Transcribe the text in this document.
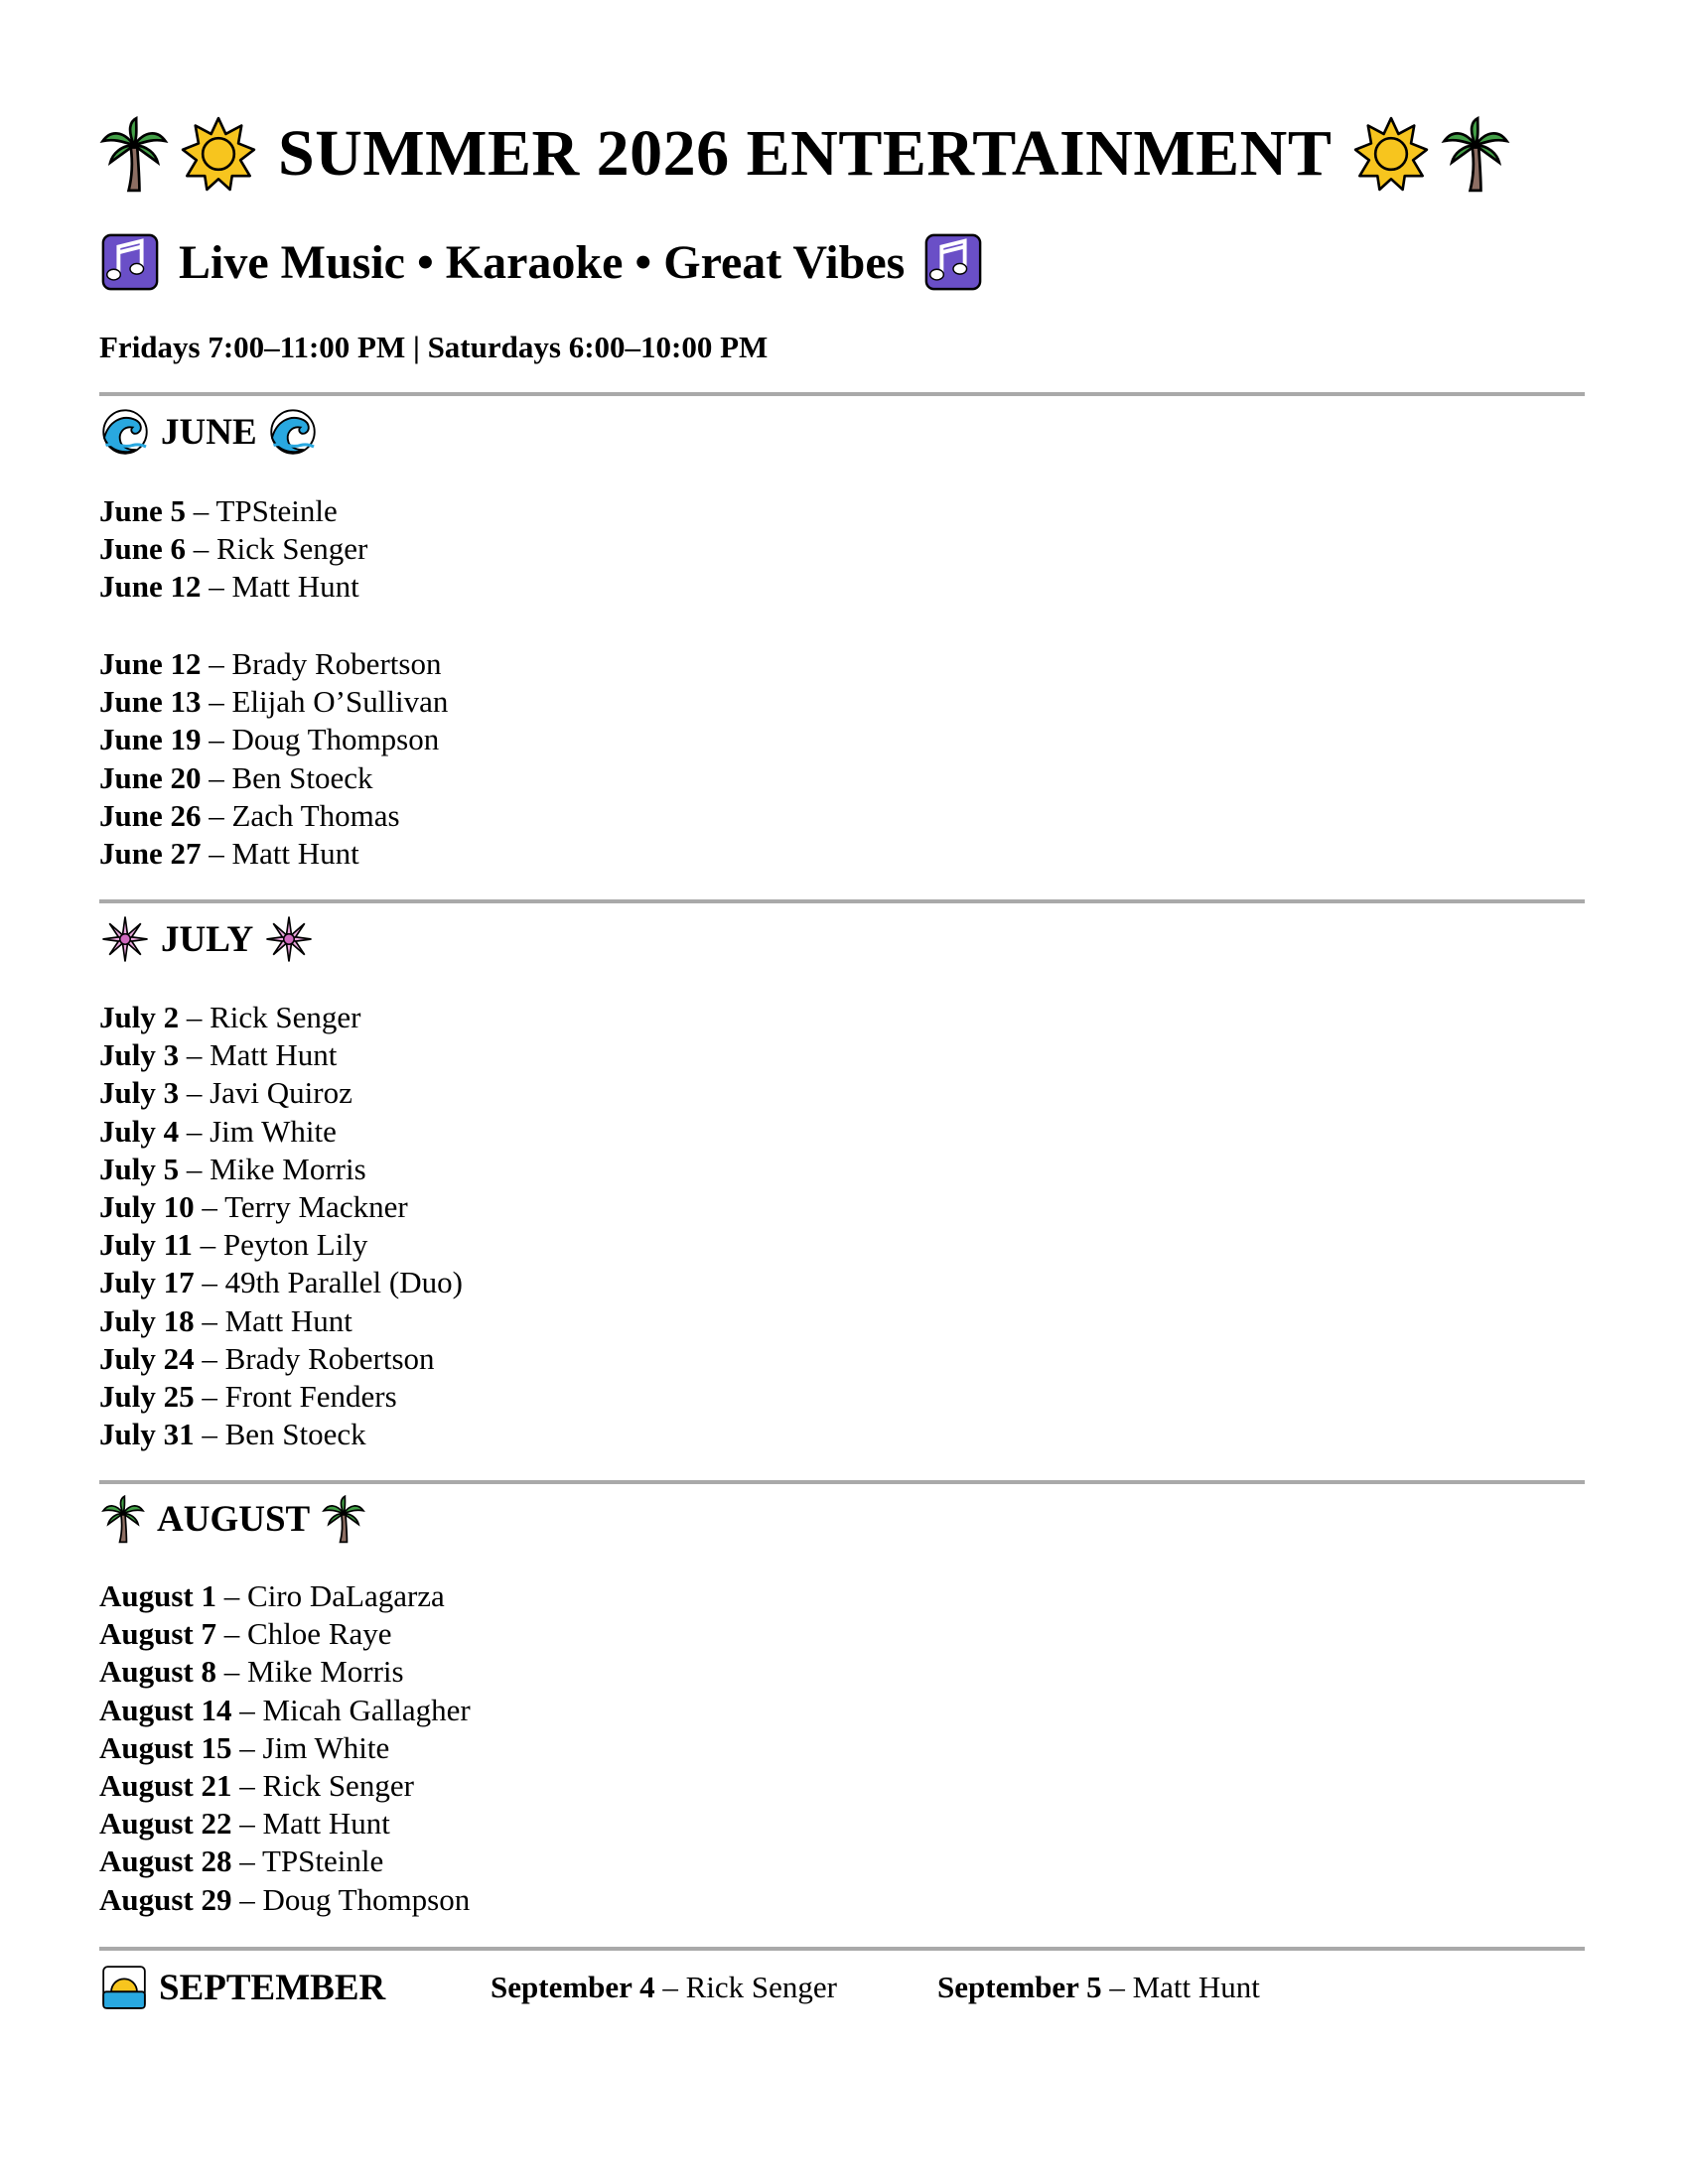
SUMMER 2026 ENTERTAINMENT
Live Music • Karaoke • Great Vibes
Fridays 7:00–11:00 PM | Saturdays 6:00–10:00 PM
JUNE
June 5 – TPSteinle
June 6 – Rick Senger
June 12 – Matt Hunt
June 12 – Brady Robertson
June 13 – Elijah O’Sullivan
June 19 – Doug Thompson
June 20 – Ben Stoeck
June 26 – Zach Thomas
June 27 – Matt Hunt
JULY
July 2 – Rick Senger
July 3 – Matt Hunt
July 3 – Javi Quiroz
July 4 – Jim White
July 5 – Mike Morris
July 10 – Terry Mackner
July 11 – Peyton Lily
July 17 – 49th Parallel (Duo)
July 18 – Matt Hunt
July 24 – Brady Robertson
July 25 – Front Fenders
July 31 – Ben Stoeck
AUGUST
August 1 – Ciro DaLagarza
August 7 – Chloe Raye
August 8 – Mike Morris
August 14 – Micah Gallagher
August 15 – Jim White
August 21 – Rick Senger
August 22 – Matt Hunt
August 28 – TPSteinle
August 29 – Doug Thompson
SEPTEMBER	September 4 – Rick Senger	September 5 – Matt Hunt
